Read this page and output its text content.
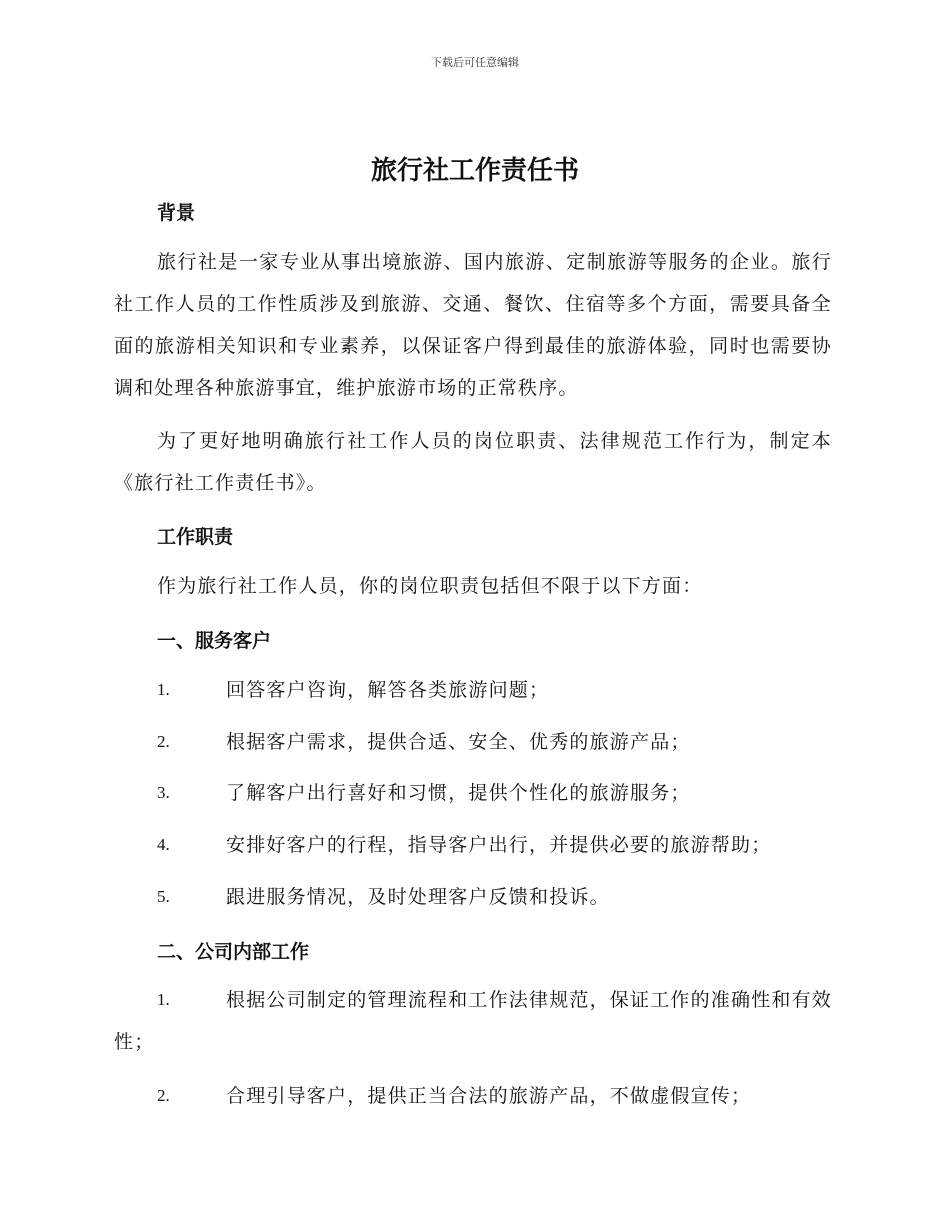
下载后可任意编辑
旅行社工作责任书
背景
旅行社是一家专业从事出境旅游、国内旅游、定制旅游等服务的企业。旅行社工作人员的工作性质涉及到旅游、交通、餐饮、住宿等多个方面，需要具备全面的旅游相关知识和专业素养，以保证客户得到最佳的旅游体验，同时也需要协调和处理各种旅游事宜，维护旅游市场的正常秩序。
为了更好地明确旅行社工作人员的岗位职责、法律规范工作行为，制定本《旅行社工作责任书》。
工作职责
作为旅行社工作人员，你的岗位职责包括但不限于以下方面：
一、服务客户
1.	回答客户咨询，解答各类旅游问题；
2.	根据客户需求，提供合适、安全、优秀的旅游产品；
3.	了解客户出行喜好和习惯，提供个性化的旅游服务；
4.	安排好客户的行程，指导客户出行，并提供必要的旅游帮助；
5.	跟进服务情况，及时处理客户反馈和投诉。
二、公司内部工作
1.	根据公司制定的管理流程和工作法律规范，保证工作的准确性和有效性；
2.	合理引导客户，提供正当合法的旅游产品，不做虚假宣传；
